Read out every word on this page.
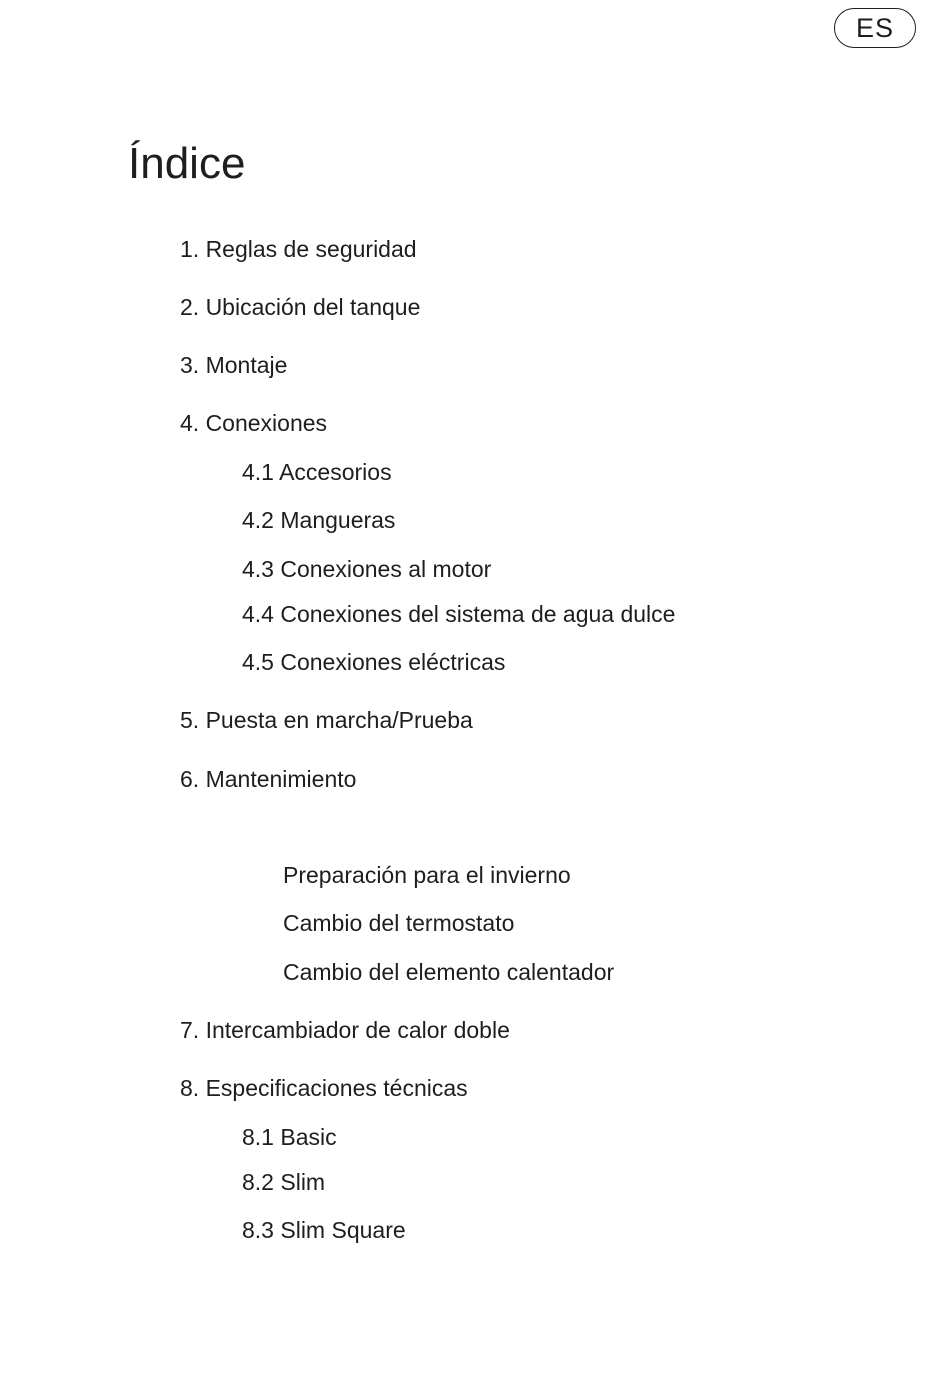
ES
Índice
1. Reglas de seguridad
2. Ubicación del tanque
3. Montaje
4. Conexiones
4.1 Accesorios
4.2 Mangueras
4.3 Conexiones al motor
4.4 Conexiones del sistema de agua dulce
4.5 Conexiones eléctricas
5. Puesta en marcha/Prueba
6. Mantenimiento
Preparación para el invierno
Cambio del termostato
Cambio del elemento calentador
7. Intercambiador de calor doble
8. Especificaciones técnicas
8.1 Basic
8.2 Slim
8.3 Slim Square
